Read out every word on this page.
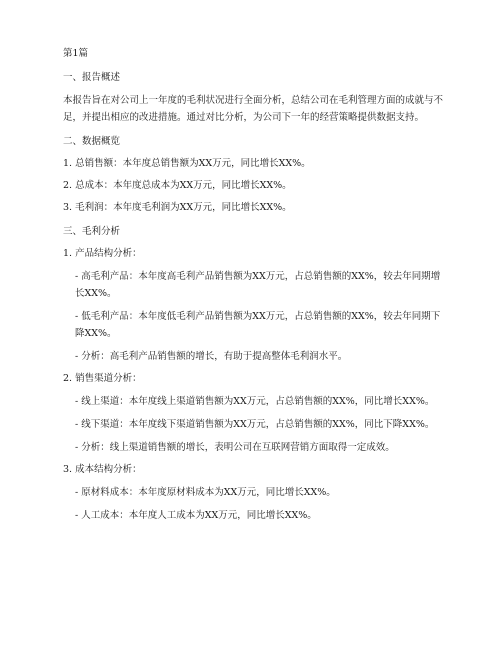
第1篇

一、报告概述

本报告旨在对公司上一年度的毛利状况进行全面分析，总结公司在毛利管理方面的成就与不足，并提出相应的改进措施。通过对比分析，为公司下一年的经营策略提供数据支持。

二、数据概览

1. 总销售额：本年度总销售额为XX万元，同比增长XX%。

2. 总成本：本年度总成本为XX万元，同比增长XX%。

3. 毛利润：本年度毛利润为XX万元，同比增长XX%。

三、毛利分析

1. 产品结构分析：

- 高毛利产品：本年度高毛利产品销售额为XX万元，占总销售额的XX%，较去年同期增长XX%。

- 低毛利产品：本年度低毛利产品销售额为XX万元，占总销售额的XX%，较去年同期下降XX%。

- 分析：高毛利产品销售额的增长，有助于提高整体毛利润水平。

2. 销售渠道分析：

- 线上渠道：本年度线上渠道销售额为XX万元，占总销售额的XX%，同比增长XX%。

- 线下渠道：本年度线下渠道销售额为XX万元，占总销售额的XX%，同比下降XX%。

- 分析：线上渠道销售额的增长，表明公司在互联网营销方面取得一定成效。

3. 成本结构分析：

- 原材料成本：本年度原材料成本为XX万元，同比增长XX%。

- 人工成本：本年度人工成本为XX万元，同比增长XX%。
